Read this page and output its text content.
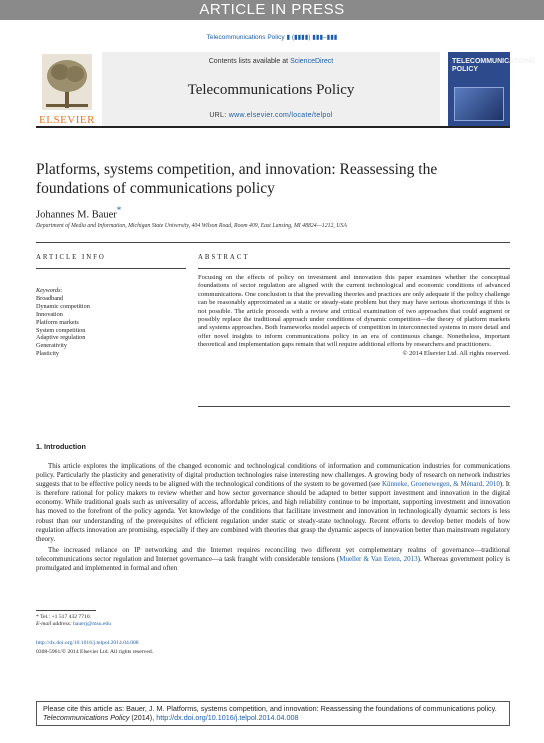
ARTICLE IN PRESS
Telecommunications Policy ▮ (▮▮▮▮) ▮▮▮–▮▮▮
ELSEVIER
Contents lists available at ScienceDirect
Telecommunications Policy
URL: www.elsevier.com/locate/telpol
TELECOMMUNICATIONS POLICY
Platforms, systems competition, and innovation: Reassessing the foundations of communications policy
Johannes M. Bauer*
Department of Media and Information, Michigan State University, 404 Wilson Road, Room 409, East Lansing, MI 48824—1212, USA
ARTICLE INFO	ABSTRACT
Keywords:
Broadband
Dynamic competition
Innovation
Platform markets
System competition
Adaptive regulation
Generativity
Plasticity
Focusing on the effects of policy on investment and innovation this paper examines whether the conceptual foundations of sector regulation are aligned with the current technological and economic conditions of advanced communications. One conclusion is that the prevailing theories and practices are only adequate if the policy challenge can be reasonably approximated as a static or steady-state problem but they may have serious shortcomings if this is not possible. The article proceeds with a review and critical examination of two approaches that could augment or possibly replace the traditional approach under conditions of dynamic competition—the theory of platform markets and systems approaches. Both frameworks model aspects of competition in interconnected systems in more detail and offer novel insights to inform communications policy in an era of continuous change. Nonetheless, important theoretical and implementation gaps remain that will require additional efforts by researchers and practitioners.
© 2014 Elsevier Ltd. All rights reserved.
1. Introduction

This article explores the implications of the changed economic and technological conditions of information and communication industries for communications policy. Particularly the plasticity and generativity of digital production technologies raise interesting new challenges. A growing body of research on network industries suggests that to be effective policy needs to be aligned with the technological conditions of the system to be governed (see Künneke, Groenewegen, & Ménard, 2010). It is therefore rational for policy makers to review whether and how sector governance should be adapted to better support investment and innovation in the digital economy. While traditional goals such as universality of access, affordable prices, and high reliability continue to be important, supporting investment and innovation has moved to the forefront of the policy agenda. Yet knowledge of the conditions that facilitate investment and innovation in technologically dynamic sectors is less robust than our understanding of the prerequisites of efficient regulation under static or steady-state technology. Recent efforts to develop better models of how regulation affects innovation are promising, especially if they are combined with theories that grasp the dynamic aspects of innovation better than mainstream regulatory theory.

The increased reliance on IP networking and the Internet requires reconciling two different yet complementary realms of governance—traditional telecommunications sector regulation and Internet governance—a task fraught with considerable tensions (Mueller & Van Eeten, 2013). Whereas government policy is promulgated and implemented in formal and often

* Tel.: +1 517 432 7710.
E-mail address: bauerj@msu.edu
http://dx.doi.org/10.1016/j.telpol.2014.04.008
0308-5961/© 2014 Elsevier Ltd. All rights reserved.
Please cite this article as: Bauer, J. M. Platforms, systems competition, and innovation: Reassessing the foundations of communications policy. Telecommunications Policy (2014), http://dx.doi.org/10.1016/j.telpol.2014.04.008
